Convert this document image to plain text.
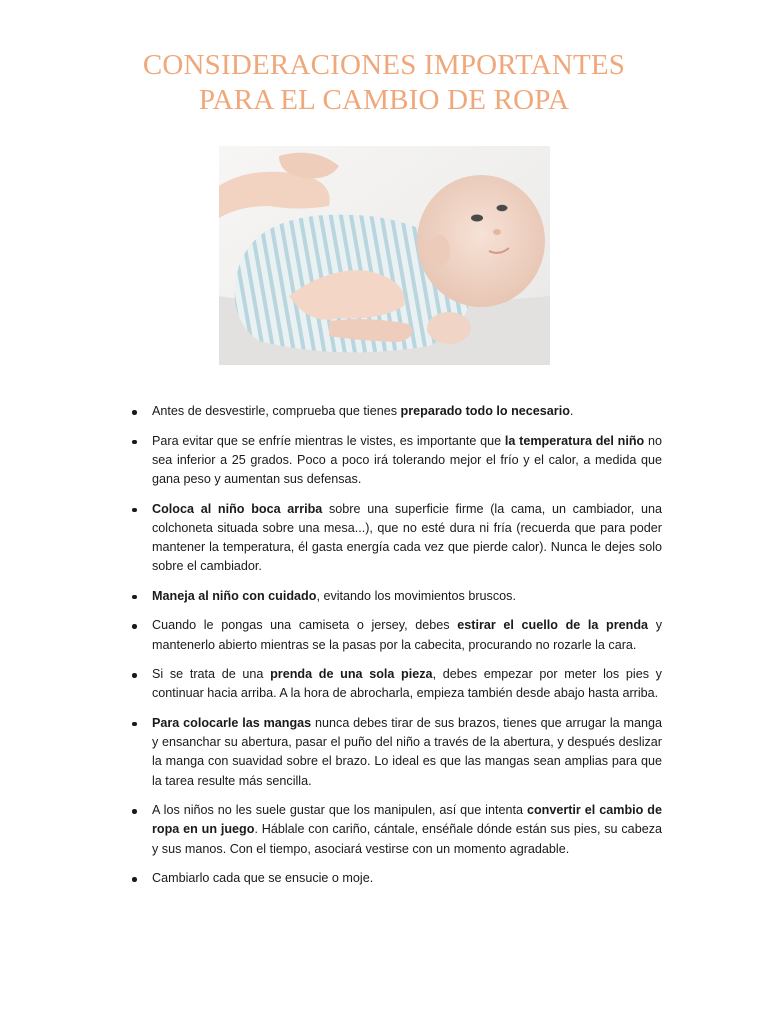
CONSIDERACIONES IMPORTANTES
PARA EL CAMBIO DE ROPA
Antes de desvestirle, comprueba que tienes preparado todo lo necesario.
Para evitar que se enfríe mientras le vistes, es importante que la temperatura del niño no sea inferior a 25 grados. Poco a poco irá tolerando mejor el frío y el calor, a medida que gana peso y aumentan sus defensas.
Coloca al niño boca arriba sobre una superficie firme (la cama, un cambiador, una colchoneta situada sobre una mesa...), que no esté dura ni fría (recuerda que para poder mantener la temperatura, él gasta energía cada vez que pierde calor). Nunca le dejes solo sobre el cambiador.
Maneja al niño con cuidado, evitando los movimientos bruscos.
Cuando le pongas una camiseta o jersey, debes estirar el cuello de la prenda y mantenerlo abierto mientras se la pasas por la cabecita, procurando no rozarle la cara.
Si se trata de una prenda de una sola pieza, debes empezar por meter los pies y continuar hacia arriba. A la hora de abrocharla, empieza también desde abajo hasta arriba.
Para colocarle las mangas nunca debes tirar de sus brazos, tienes que arrugar la manga y ensanchar su abertura, pasar el puño del niño a través de la abertura, y después deslizar la manga con suavidad sobre el brazo. Lo ideal es que las mangas sean amplias para que la tarea resulte más sencilla.
A los niños no les suele gustar que los manipulen, así que intenta convertir el cambio de ropa en un juego. Háblale con cariño, cántale, enséñale dónde están sus pies, su cabeza y sus manos. Con el tiempo, asociará vestirse con un momento agradable.
Cambiarlo cada que se ensucie o moje.
